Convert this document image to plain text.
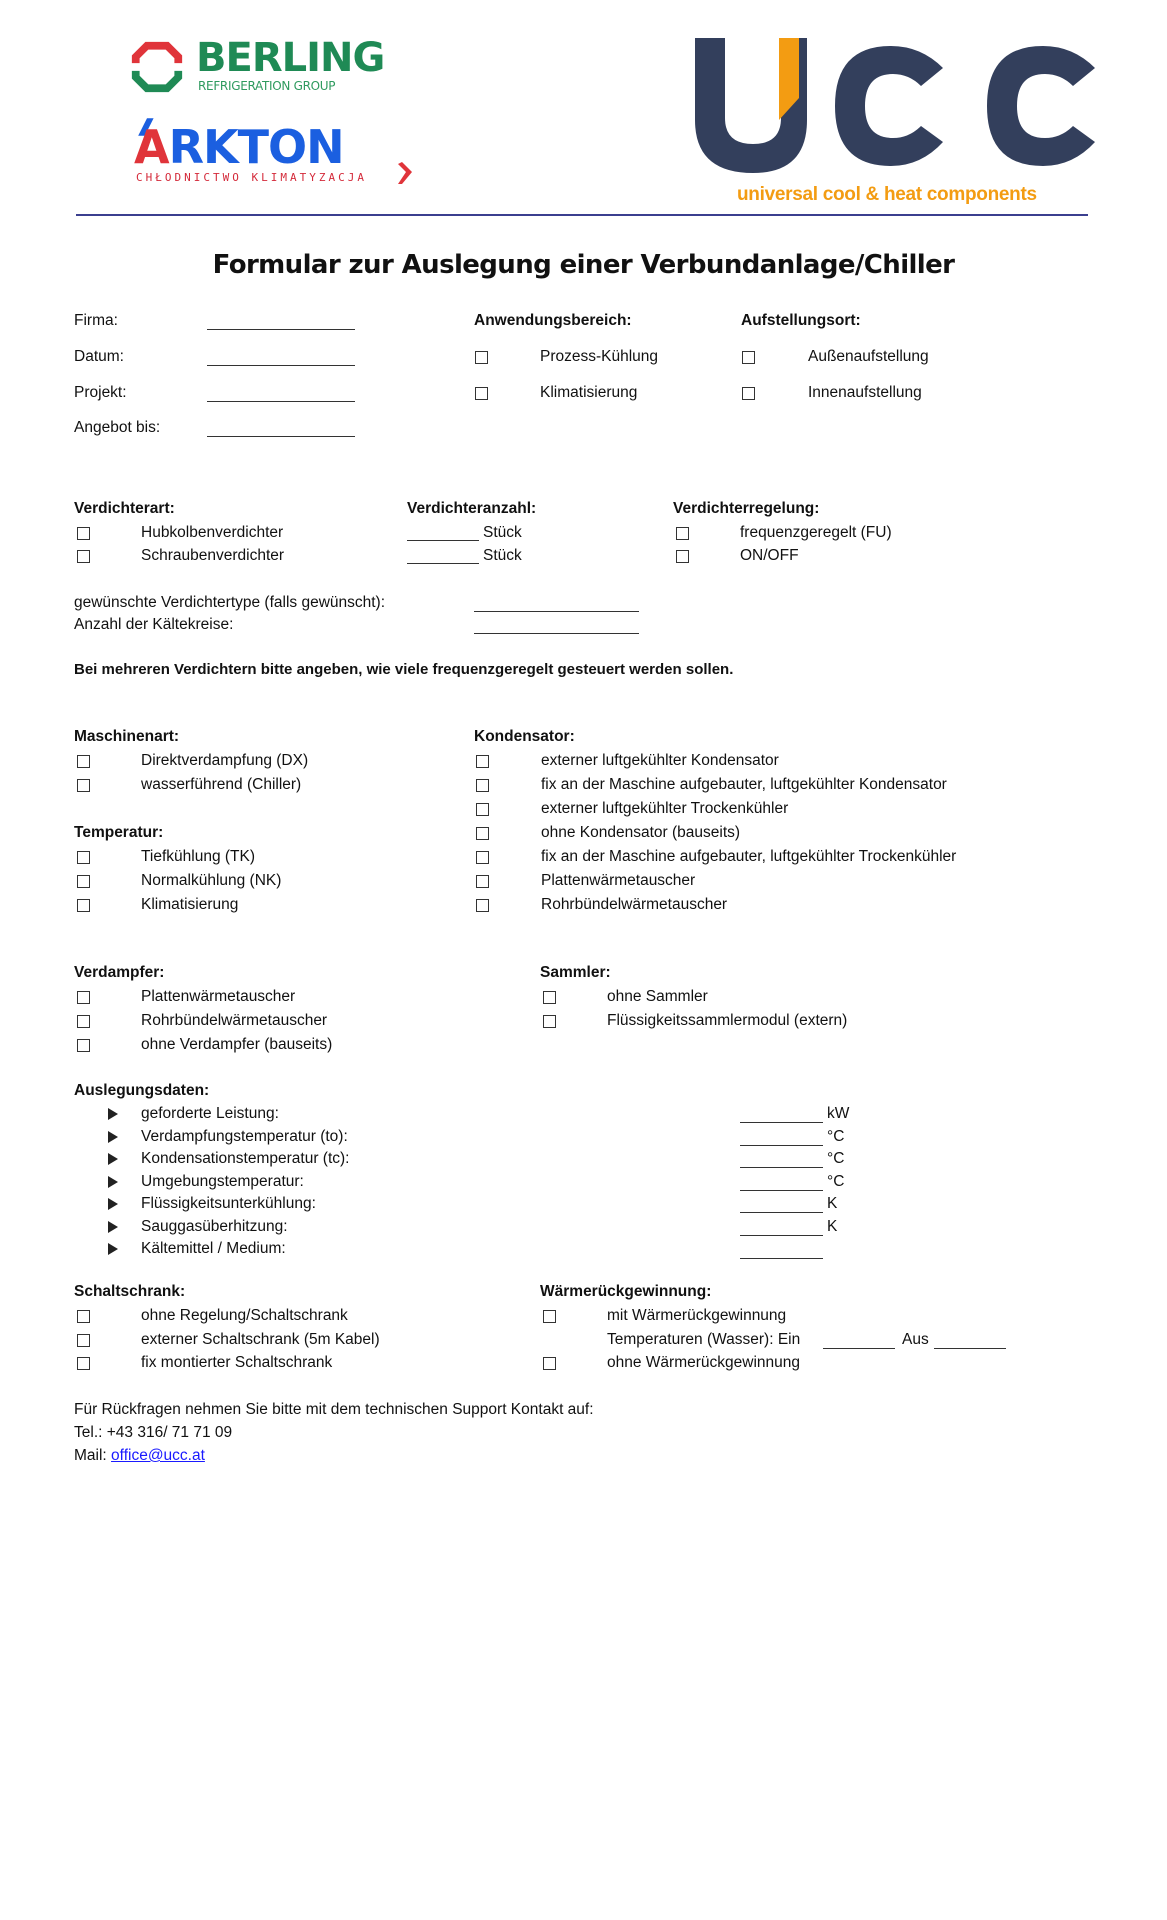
BERLING
REFRIGERATION GROUP
ARKTON
CHŁODNICTWO KLIMATYZACJA
universal cool & heat components
Formular zur Auslegung einer Verbundanlage/Chiller
Firma:
Datum:
Projekt:
Angebot bis:
Anwendungsbereich:
Prozess-Kühlung
Klimatisierung
Aufstellungsort:
Außenaufstellung
Innenaufstellung
Verdichterart:
Hubkolbenverdichter
Schraubenverdichter
Verdichteranzahl:
Stück
Stück
Verdichterregelung:
frequenzgeregelt (FU)
ON/OFF
gewünschte Verdichtertype (falls gewünscht):
Anzahl der Kältekreise:
Bei mehreren Verdichtern bitte angeben, wie viele frequenzgeregelt gesteuert werden sollen.
Maschinenart:
Direktverdampfung (DX)
wasserführend (Chiller)
Temperatur:
Tiefkühlung (TK)
Normalkühlung (NK)
Klimatisierung
Kondensator:
externer luftgekühlter Kondensator
fix an der Maschine aufgebauter, luftgekühlter Kondensator
externer luftgekühlter Trockenkühler
ohne Kondensator (bauseits)
fix an der Maschine aufgebauter, luftgekühlter Trockenkühler
Plattenwärmetauscher
Rohrbündelwärmetauscher
Verdampfer:
Plattenwärmetauscher
Rohrbündelwärmetauscher
ohne Verdampfer (bauseits)
Sammler:
ohne Sammler
Flüssigkeitssammlermodul (extern)
Auslegungsdaten:
geforderte Leistung:	kW
Verdampfungstemperatur (to):	°C
Kondensationstemperatur (tc):	°C
Umgebungstemperatur:	°C
Flüssigkeitsunterkühlung:	K
Sauggasüberhitzung:	K
Kältemittel / Medium:
Schaltschrank:
ohne Regelung/Schaltschrank
externer Schaltschrank (5m Kabel)
fix montierter Schaltschrank
Wärmerückgewinnung:
mit Wärmerückgewinnung
Temperaturen (Wasser): Ein	Aus
ohne Wärmerückgewinnung
Für Rückfragen nehmen Sie bitte mit dem technischen Support Kontakt auf:
Tel.: +43 316/ 71 71 09
Mail: office@ucc.at
